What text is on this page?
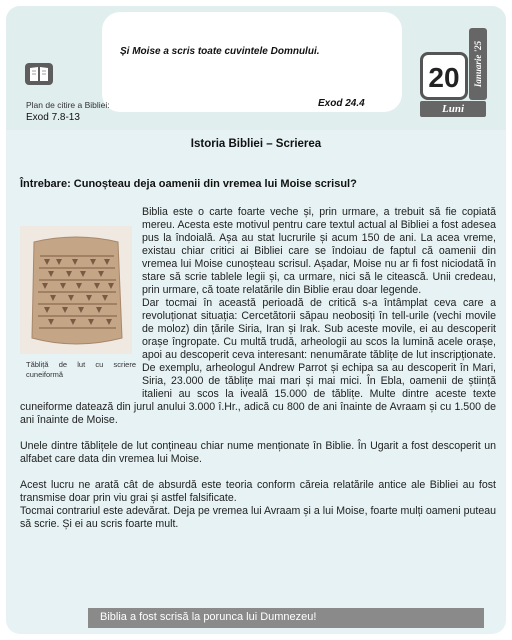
Și Moise a scris toate cuvintele Domnului.
Exod 24.4
Plan de citire a Bibliei:
Exod 7.8-13
20	Ianuarie '25
Luni
Istoria Bibliei – Scrierea
Întrebare: Cunoșteau deja oamenii din vremea lui Moise scrisul?

Tăbliță de lut cu scriere cuneiformă
Biblia este o carte foarte veche și, prin urmare, a trebuit să fie copiată mereu. Acesta este motivul pentru care textul actual al Bibliei a fost adesea pus la îndoială. Așa au stat lucrurile și acum 150 de ani. La acea vreme, existau chiar critici ai Bibliei care se îndoiau de faptul că oamenii din vremea lui Moise cunoșteau scrisul. Așadar, Moise nu ar fi fost niciodată în stare să scrie tablele legii și, ca urmare, nici să le citească. Unii credeau, prin urmare, că toate relatările din Biblie erau doar legende.
Dar tocmai în această perioadă de critică s-a întâmplat ceva care a revoluționat situația: Cercetătorii săpau neobosiți în tell-urile (vechi movile de moloz) din țările Siria, Iran și Irak. Sub aceste movile, ei au descoperit orașe îngropate. Cu multă trudă, arheologii au scos la lumină acele orașe, apoi au descoperit ceva interesant: nenumărate tăblițe de lut inscripționate. De exemplu, arheologul Andrew Parrot și echipa sa au descoperit în Mari, Siria, 23.000 de tăblițe mai mari și mai mici. În Ebla, oamenii de știință italieni au scos la iveală 15.000 de tăblițe. Multe dintre aceste texte cuneiforme datează din jurul anului 3.000 î.Hr., adică cu 800 de ani înainte de Avraam și cu 1.500 de ani înainte de Moise.

Unele dintre tăblițele de lut conțineau chiar nume menționate în Biblie. În Ugarit a fost descoperit un alfabet care data din vremea lui Moise.

Acest lucru ne arată cât de absurdă este teoria conform căreia relatările antice ale Bibliei au fost transmise doar prin viu grai și astfel falsificate.

Tocmai contrariul este adevărat. Deja pe vremea lui Avraam și a lui Moise, foarte mulți oameni puteau să scrie. Și ei au scris foarte mult.

Biblia a fost scrisă la porunca lui Dumnezeu!
